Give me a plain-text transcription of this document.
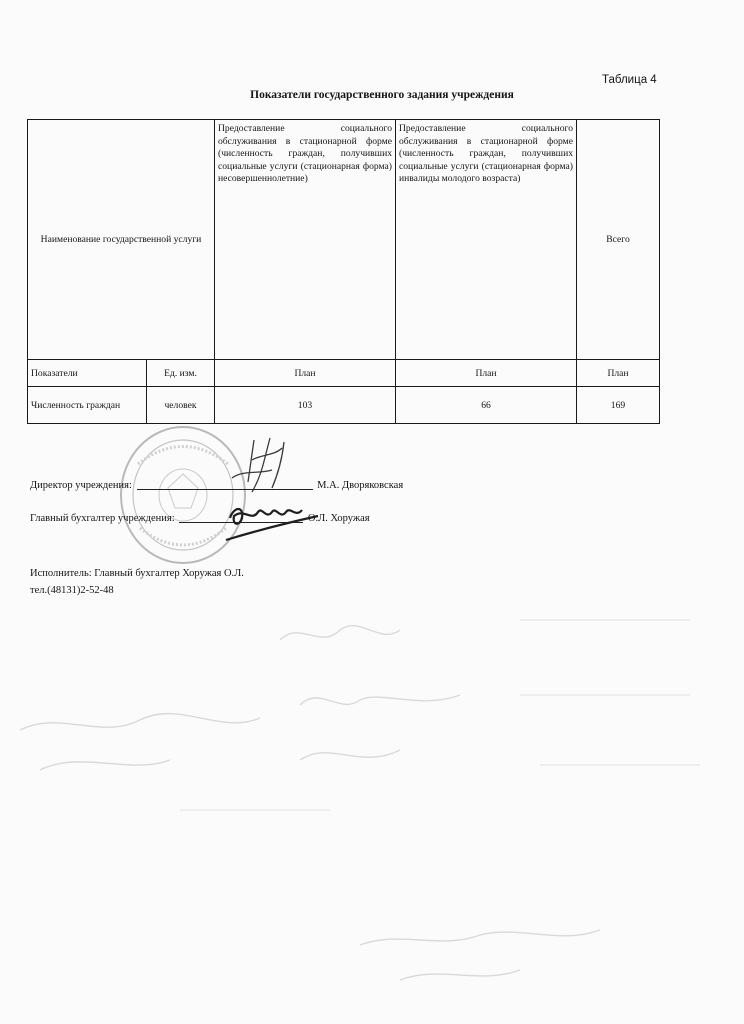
Таблица 4
Показатели государственного задания учреждения
Наименование государственной услуги		Предоставление социального обслуживания в стационарной форме (численность граждан, получивших социальные услуги (стационарная форма) несовершеннолетние)	Предоставление социального обслуживания в стационарной форме (численность граждан, получивших социальные услуги (стационарная форма) инвалиды молодого возраста)	Всего
Показатели	Ед. изм.	План	План	План
Численность граждан	человек	103	66	169
Директор учреждения:	М.А. Дворяковская
Главный бухгалтер учреждения:	О.Л. Хоружая
Исполнитель: Главный бухгалтер Хоружая О.Л.
тел.(48131)2-52-48
